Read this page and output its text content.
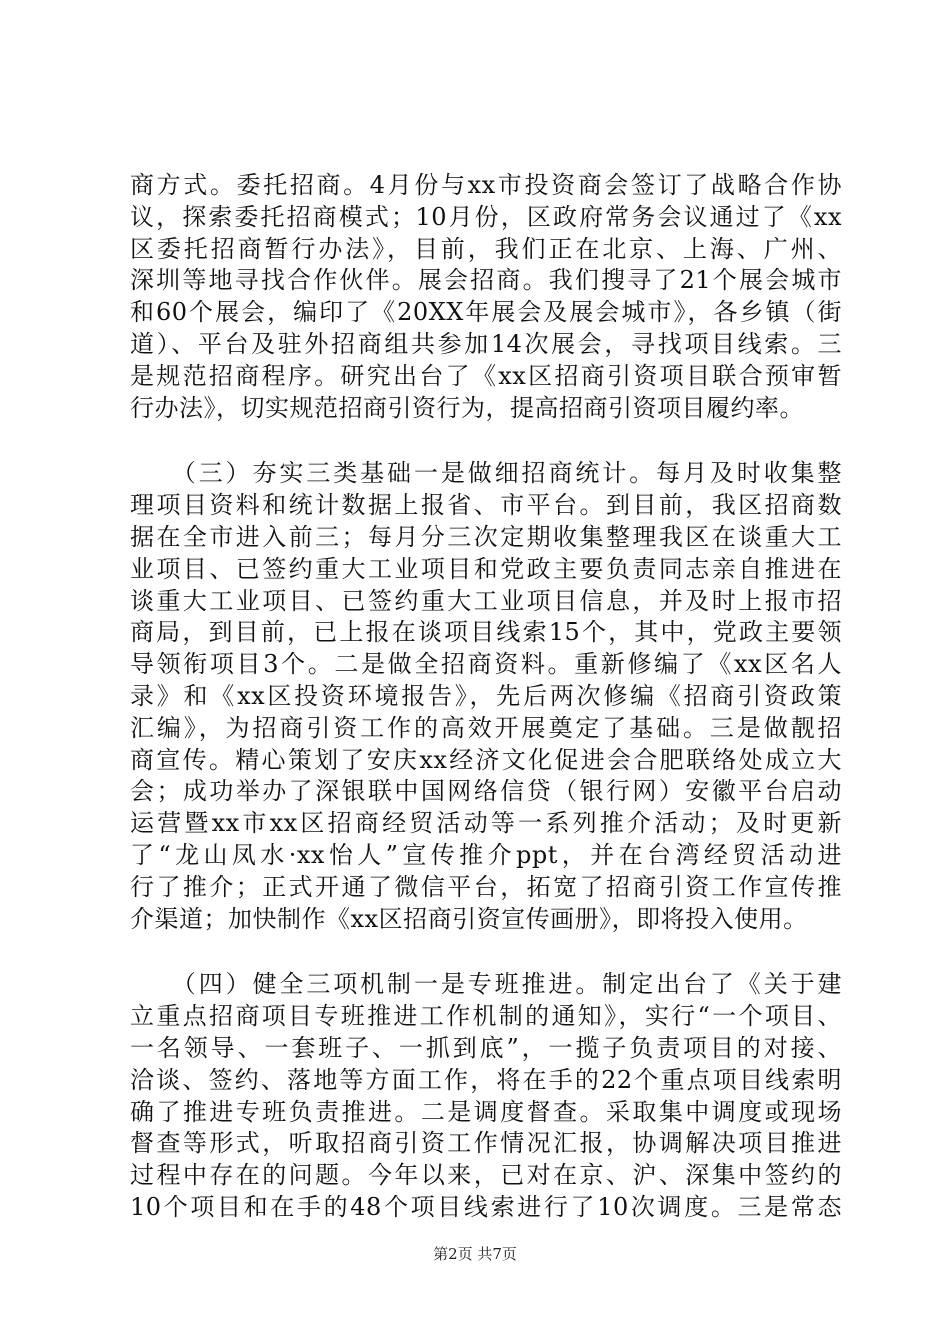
商方式。委托招商。4月份与xx市投资商会签订了战略合作协
议，探索委托招商模式；10月份，区政府常务会议通过了《xx
区委托招商暂行办法》，目前，我们正在北京、上海、广州、
深圳等地寻找合作伙伴。展会招商。我们搜寻了21个展会城市
和60个展会，编印了《20XX年展会及展会城市》，各乡镇（街
道）、平台及驻外招商组共参加14次展会，寻找项目线索。三
是规范招商程序。研究出台了《xx区招商引资项目联合预审暂
行办法》，切实规范招商引资行为，提高招商引资项目履约率。
　　（三）夯实三类基础一是做细招商统计。每月及时收集整
理项目资料和统计数据上报省、市平台。到目前，我区招商数
据在全市进入前三；每月分三次定期收集整理我区在谈重大工
业项目、已签约重大工业项目和党政主要负责同志亲自推进在
谈重大工业项目、已签约重大工业项目信息，并及时上报市招
商局，到目前，已上报在谈项目线索15个，其中，党政主要领
导领衔项目3个。二是做全招商资料。重新修编了《xx区名人
录》和《xx区投资环境报告》，先后两次修编《招商引资政策
汇编》，为招商引资工作的高效开展奠定了基础。三是做靓招
商宣传。精心策划了安庆xx经济文化促进会合肥联络处成立大
会；成功举办了深银联中国网络信贷（银行网）安徽平台启动
运营暨xx市xx区招商经贸活动等一系列推介活动；及时更新
了“龙山凤水·xx怡人”宣传推介ppt，并在台湾经贸活动进
行了推介；正式开通了微信平台，拓宽了招商引资工作宣传推
介渠道；加快制作《xx区招商引资宣传画册》，即将投入使用。
　　（四）健全三项机制一是专班推进。制定出台了《关于建
立重点招商项目专班推进工作机制的通知》，实行“一个项目、
一名领导、一套班子、一抓到底”，一揽子负责项目的对接、
洽谈、签约、落地等方面工作，将在手的22个重点项目线索明
确了推进专班负责推进。二是调度督查。采取集中调度或现场
督查等形式，听取招商引资工作情况汇报，协调解决项目推进
过程中存在的问题。今年以来，已对在京、沪、深集中签约的
10个项目和在手的48个项目线索进行了10次调度。三是常态
第2页 共7页
